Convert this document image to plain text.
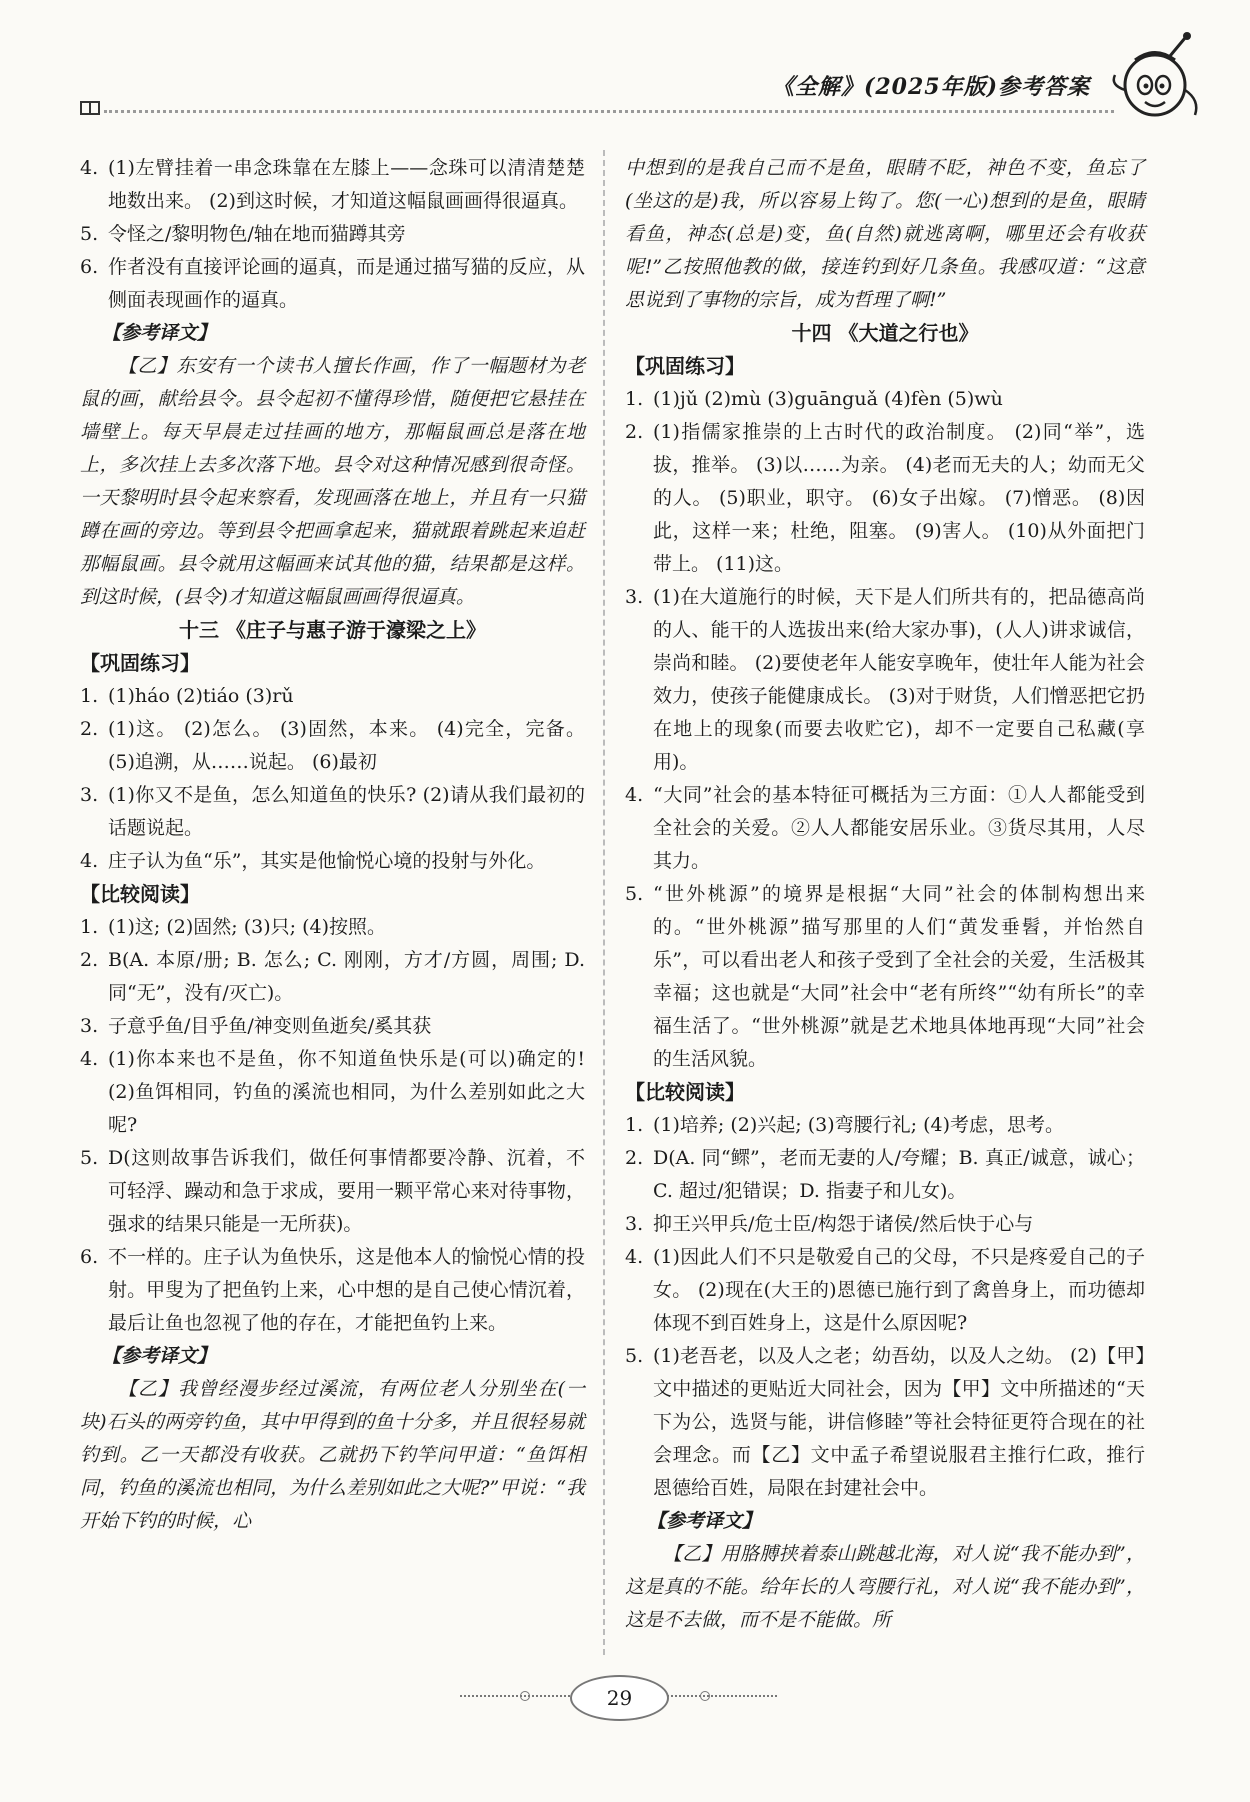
《全解》(2025年版)参考答案
4. (1)左臂挂着一串念珠靠在左膝上——念珠可以清清楚楚地数出来。 (2)到这时候，才知道这幅鼠画画得很逼真。
5. 令怪之/黎明物色/轴在地而猫蹲其旁
6. 作者没有直接评论画的逼真，而是通过描写猫的反应，从侧面表现画作的逼真。
【参考译文】
【乙】东安有一个读书人擅长作画，作了一幅题材为老鼠的画，献给县令。县令起初不懂得珍惜，随便把它悬挂在墙壁上。每天早晨走过挂画的地方，那幅鼠画总是落在地上，多次挂上去多次落下地。县令对这种情况感到很奇怪。一天黎明时县令起来察看，发现画落在地上，并且有一只猫蹲在画的旁边。等到县令把画拿起来，猫就跟着跳起来追赶那幅鼠画。县令就用这幅画来试其他的猫，结果都是这样。到这时候，(县令)才知道这幅鼠画画得很逼真。
十三 《庄子与惠子游于濠梁之上》
【巩固练习】
1. (1)háo (2)tiáo (3)rǔ
2. (1)这。 (2)怎么。 (3)固然，本来。 (4)完全，完备。 (5)追溯，从……说起。 (6)最初
3. (1)你又不是鱼，怎么知道鱼的快乐? (2)请从我们最初的话题说起。
4. 庄子认为鱼“乐”，其实是他愉悦心境的投射与外化。
【比较阅读】
1. (1)这; (2)固然; (3)只; (4)按照。
2. B(A. 本原/册; B. 怎么; C. 刚刚，方才/方圆，周围; D. 同“无”，没有/灭亡)。
3. 子意乎鱼/目乎鱼/神变则鱼逝矣/奚其获
4. (1)你本来也不是鱼，你不知道鱼快乐是(可以)确定的! (2)鱼饵相同，钓鱼的溪流也相同，为什么差别如此之大呢?
5. D(这则故事告诉我们，做任何事情都要冷静、沉着，不可轻浮、躁动和急于求成，要用一颗平常心来对待事物，强求的结果只能是一无所获)。
6. 不一样的。庄子认为鱼快乐，这是他本人的愉悦心情的投射。甲叟为了把鱼钓上来，心中想的是自己使心情沉着，最后让鱼也忽视了他的存在，才能把鱼钓上来。
【参考译文】
【乙】我曾经漫步经过溪流，有两位老人分别坐在(一块)石头的两旁钓鱼，其中甲得到的鱼十分多，并且很轻易就钓到。乙一天都没有收获。乙就扔下钓竿问甲道：“鱼饵相同，钓鱼的溪流也相同，为什么差别如此之大呢?”甲说：“我开始下钓的时候，心
中想到的是我自己而不是鱼，眼睛不眨，神色不变，鱼忘了(坐这的是)我，所以容易上钩了。您(一心)想到的是鱼，眼睛看鱼，神态(总是)变，鱼(自然)就逃离啊，哪里还会有收获呢!”乙按照他教的做，接连钓到好几条鱼。我感叹道：“这意思说到了事物的宗旨，成为哲理了啊!”
十四 《大道之行也》
【巩固练习】
1. (1)jǔ (2)mù (3)guānguǎ (4)fèn (5)wù
2. (1)指儒家推崇的上古时代的政治制度。 (2)同“举”，选拔，推举。 (3)以……为亲。 (4)老而无夫的人；幼而无父的人。 (5)职业，职守。 (6)女子出嫁。 (7)憎恶。 (8)因此，这样一来；杜绝，阻塞。 (9)害人。 (10)从外面把门带上。 (11)这。
3. (1)在大道施行的时候，天下是人们所共有的，把品德高尚的人、能干的人选拔出来(给大家办事)，(人人)讲求诚信，崇尚和睦。 (2)要使老年人能安享晚年，使壮年人能为社会效力，使孩子能健康成长。 (3)对于财货，人们憎恶把它扔在地上的现象(而要去收贮它)，却不一定要自己私藏(享用)。
4. “大同”社会的基本特征可概括为三方面：①人人都能受到全社会的关爱。②人人都能安居乐业。③货尽其用，人尽其力。
5. “世外桃源”的境界是根据“大同”社会的体制构想出来的。“世外桃源”描写那里的人们“黄发垂髫，并怡然自乐”，可以看出老人和孩子受到了全社会的关爱，生活极其幸福；这也就是“大同”社会中“老有所终”“幼有所长”的幸福生活了。“世外桃源”就是艺术地具体地再现“大同”社会的生活风貌。
【比较阅读】
1. (1)培养; (2)兴起; (3)弯腰行礼; (4)考虑，思考。
2. D(A. 同“鳏”，老而无妻的人/夸耀；B. 真正/诚意，诚心；C. 超过/犯错误；D. 指妻子和儿女)。
3. 抑王兴甲兵/危士臣/构怨于诸侯/然后快于心与
4. (1)因此人们不只是敬爱自己的父母，不只是疼爱自己的子女。 (2)现在(大王的)恩德已施行到了禽兽身上，而功德却体现不到百姓身上，这是什么原因呢?
5. (1)老吾老，以及人之老；幼吾幼，以及人之幼。 (2)【甲】文中描述的更贴近大同社会，因为【甲】文中所描述的“天下为公，选贤与能，讲信修睦”等社会特征更符合现在的社会理念。而【乙】文中孟子希望说服君主推行仁政，推行恩德给百姓，局限在封建社会中。
【参考译文】
【乙】用胳膊挟着泰山跳越北海，对人说“我不能办到”，这是真的不能。给年长的人弯腰行礼，对人说“我不能办到”，这是不去做，而不是不能做。所
29
